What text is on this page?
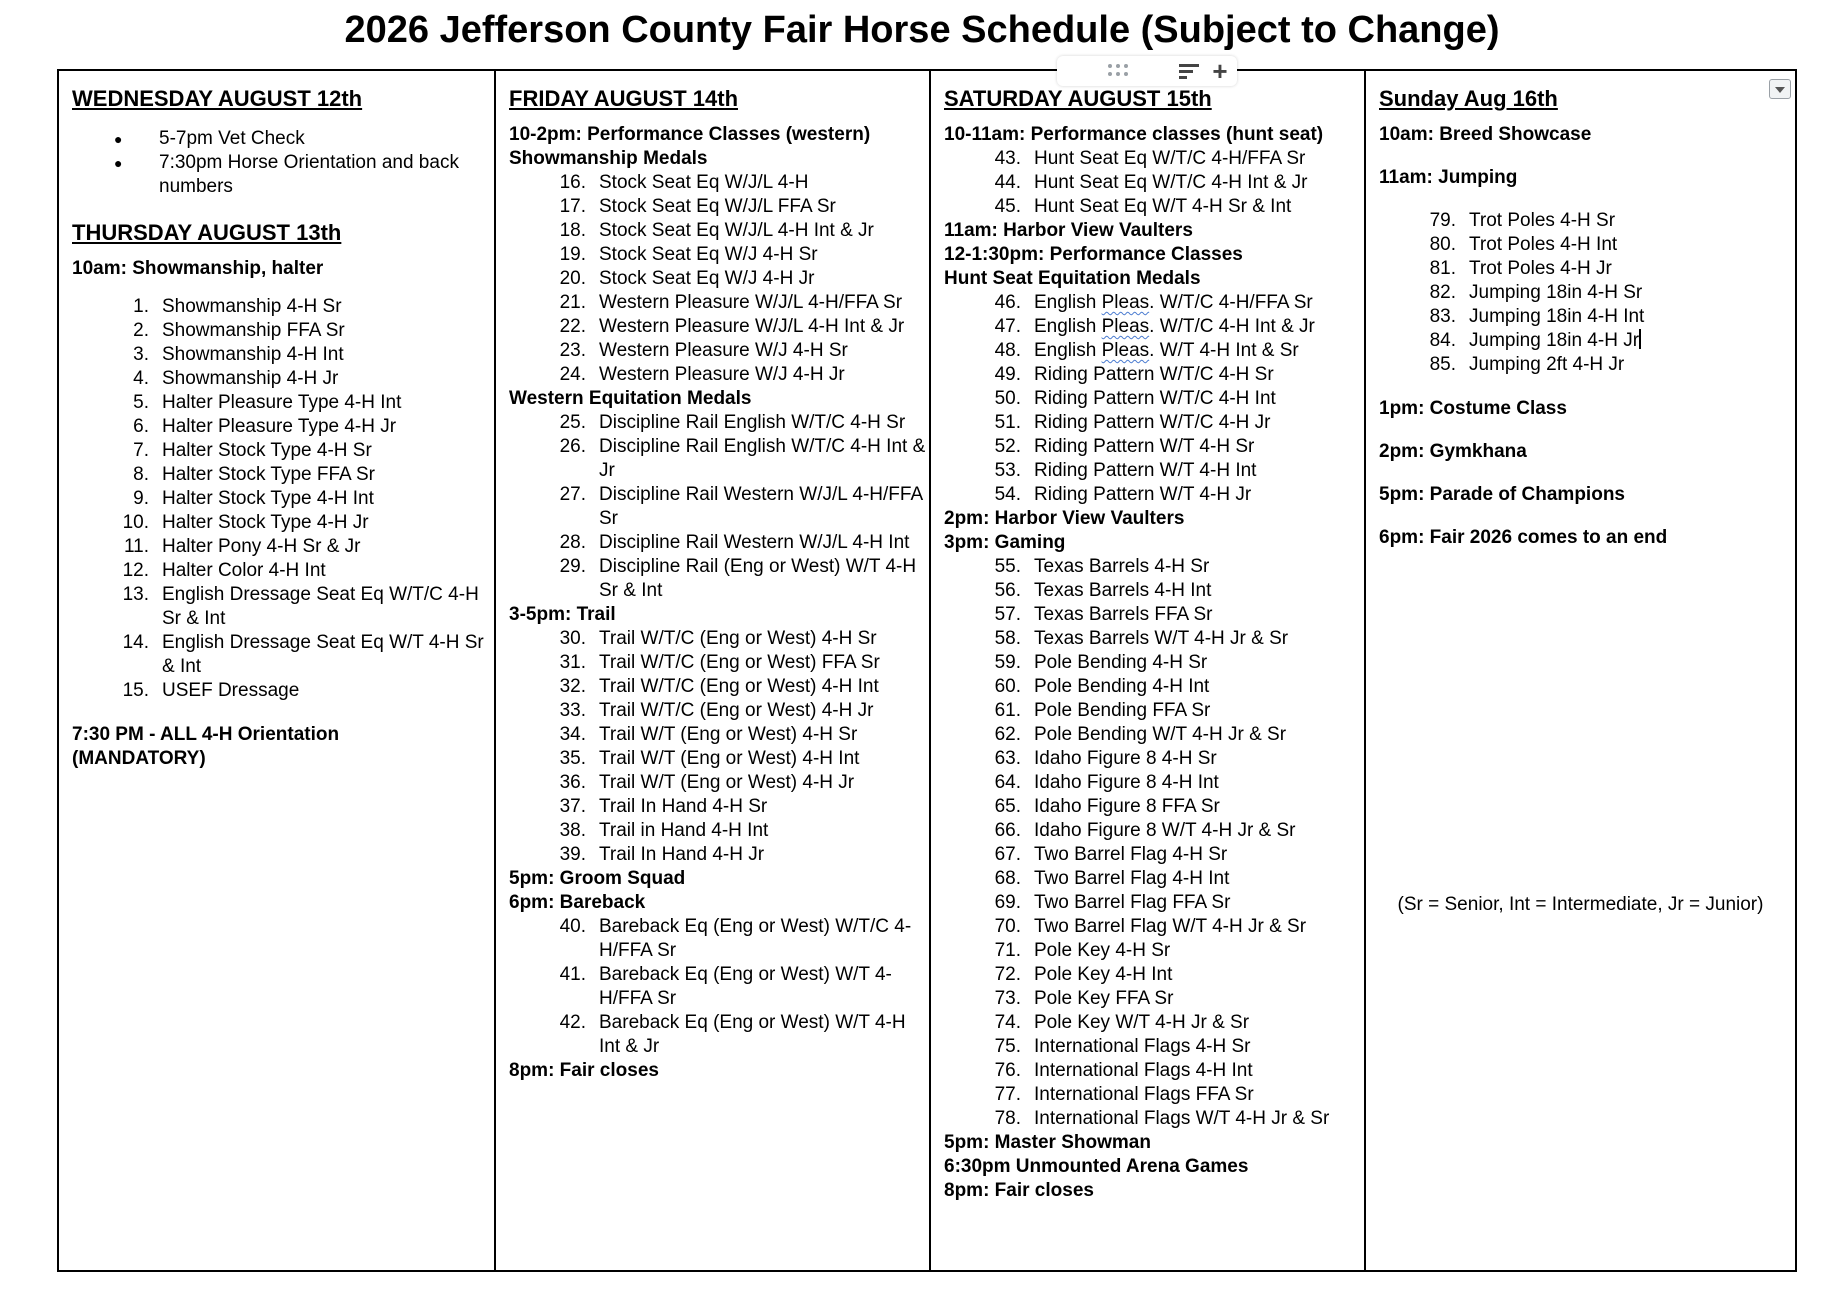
2026 Jefferson County Fair Horse Schedule (Subject to Change)
+
WEDNESDAY AUGUST 12th
● 5-7pm Vet Check
● 7:30pm Horse Orientation and back numbers
THURSDAY AUGUST 13th
10am: Showmanship, halter
1. Showmanship 4-H Sr
2. Showmanship FFA Sr
3. Showmanship 4-H Int
4. Showmanship 4-H Jr
5. Halter Pleasure Type 4-H Int
6. Halter Pleasure Type 4-H Jr
7. Halter Stock Type 4-H Sr
8. Halter Stock Type FFA Sr
9. Halter Stock Type 4-H Int
10. Halter Stock Type 4-H Jr
11. Halter Pony 4-H Sr & Jr
12. Halter Color 4-H Int
13. English Dressage Seat Eq W/T/C 4-H Sr & Int
14. English Dressage Seat Eq W/T 4-H Sr & Int
15. USEF Dressage
7:30 PM - ALL 4-H Orientation (MANDATORY)
FRIDAY AUGUST 14th
10-2pm: Performance Classes (western)
Showmanship Medals
16. Stock Seat Eq W/J/L 4-H
17. Stock Seat Eq W/J/L FFA Sr
18. Stock Seat Eq W/J/L 4-H Int & Jr
19. Stock Seat Eq W/J 4-H Sr
20. Stock Seat Eq W/J 4-H Jr
21. Western Pleasure W/J/L 4-H/FFA Sr
22. Western Pleasure W/J/L 4-H Int & Jr
23. Western Pleasure W/J 4-H Sr
24. Western Pleasure W/J 4-H Jr
Western Equitation Medals
25. Discipline Rail English W/T/C 4-H Sr
26. Discipline Rail English W/T/C 4-H Int & Jr
27. Discipline Rail Western W/J/L 4-H/FFA Sr
28. Discipline Rail Western W/J/L 4-H Int
29. Discipline Rail (Eng or West) W/T 4-H Sr & Int
3-5pm: Trail
30. Trail W/T/C (Eng or West) 4-H Sr
31. Trail W/T/C (Eng or West) FFA Sr
32. Trail W/T/C (Eng or West) 4-H Int
33. Trail W/T/C (Eng or West) 4-H Jr
34. Trail W/T (Eng or West) 4-H Sr
35. Trail W/T (Eng or West) 4-H Int
36. Trail W/T (Eng or West) 4-H Jr
37. Trail In Hand 4-H Sr
38. Trail in Hand 4-H Int
39. Trail In Hand 4-H Jr
5pm: Groom Squad
6pm: Bareback
40. Bareback Eq (Eng or West) W/T/C 4-H/FFA Sr
41. Bareback Eq (Eng or West) W/T 4-H/FFA Sr
42. Bareback Eq (Eng or West) W/T 4-H Int & Jr
8pm: Fair closes
SATURDAY AUGUST 15th
10-11am: Performance classes (hunt seat)
43. Hunt Seat Eq W/T/C 4-H/FFA Sr
44. Hunt Seat Eq W/T/C 4-H Int & Jr
45. Hunt Seat Eq W/T 4-H Sr & Int
11am: Harbor View Vaulters
12-1:30pm: Performance Classes
Hunt Seat Equitation Medals
46. English Pleas. W/T/C 4-H/FFA Sr
47. English Pleas. W/T/C 4-H Int & Jr
48. English Pleas. W/T 4-H Int & Sr
49. Riding Pattern W/T/C 4-H Sr
50. Riding Pattern W/T/C 4-H Int
51. Riding Pattern W/T/C 4-H Jr
52. Riding Pattern W/T 4-H Sr
53. Riding Pattern W/T 4-H Int
54. Riding Pattern W/T 4-H Jr
2pm: Harbor View Vaulters
3pm: Gaming
55. Texas Barrels 4-H Sr
56. Texas Barrels 4-H Int
57. Texas Barrels FFA Sr
58. Texas Barrels W/T 4-H Jr & Sr
59. Pole Bending 4-H Sr
60. Pole Bending 4-H Int
61. Pole Bending FFA Sr
62. Pole Bending W/T 4-H Jr & Sr
63. Idaho Figure 8 4-H Sr
64. Idaho Figure 8 4-H Int
65. Idaho Figure 8 FFA Sr
66. Idaho Figure 8 W/T 4-H Jr & Sr
67. Two Barrel Flag 4-H Sr
68. Two Barrel Flag 4-H Int
69. Two Barrel Flag FFA Sr
70. Two Barrel Flag W/T 4-H Jr & Sr
71. Pole Key 4-H Sr
72. Pole Key 4-H Int
73. Pole Key FFA Sr
74. Pole Key W/T 4-H Jr & Sr
75. International Flags 4-H Sr
76. International Flags 4-H Int
77. International Flags FFA Sr
78. International Flags W/T 4-H Jr & Sr
5pm: Master Showman
6:30pm Unmounted Arena Games
8pm: Fair closes
Sunday Aug 16th
10am: Breed Showcase
11am: Jumping
79. Trot Poles 4-H Sr
80. Trot Poles 4-H Int
81. Trot Poles 4-H Jr
82. Jumping 18in 4-H Sr
83. Jumping 18in 4-H Int
84. Jumping 18in 4-H Jr
85. Jumping 2ft 4-H Jr
1pm: Costume Class
2pm: Gymkhana
5pm: Parade of Champions
6pm: Fair 2026 comes to an end
(Sr = Senior, Int = Intermediate, Jr = Junior)
